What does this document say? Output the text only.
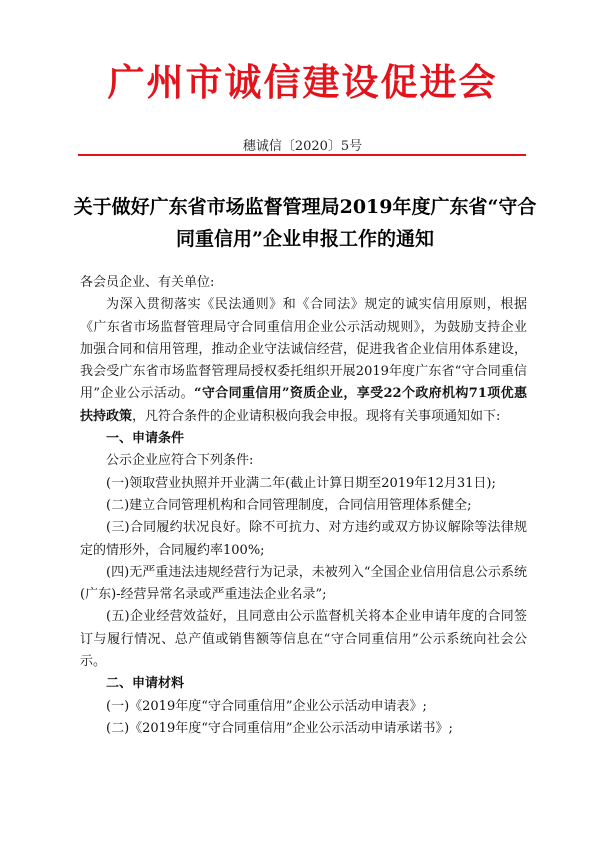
广州市诚信建设促进会
穗诚信〔2020〕5号
关于做好广东省市场监督管理局2019年度广东省“守合同重信用”企业申报工作的通知

各会员企业、有关单位:

为深入贯彻落实《民法通则》和《合同法》规定的诚实信用原则，根据《广东省市场监督管理局守合同重信用企业公示活动规则》，为鼓励支持企业加强合同和信用管理，推动企业守法诚信经营，促进我省企业信用体系建设，我会受广东省市场监督管理局授权委托组织开展2019年度广东省“守合同重信用”企业公示活动。“守合同重信用”资质企业，享受22个政府机构71项优惠扶持政策，凡符合条件的企业请积极向我会申报。现将有关事项通知如下:

一、申请条件

公示企业应符合下列条件:

(一)领取营业执照并开业满二年(截止计算日期至2019年12月31日);

(二)建立合同管理机构和合同管理制度，合同信用管理体系健全;

(三)合同履约状况良好。除不可抗力、对方违约或双方协议解除等法律规定的情形外，合同履约率100%;

(四)无严重违法违规经营行为记录，未被列入“全国企业信用信息公示系统(广东)-经营异常名录或严重违法企业名录”;

(五)企业经营效益好，且同意由公示监督机关将本企业申请年度的合同签订与履行情况、总产值或销售额等信息在“守合同重信用”公示系统向社会公示。

二、申请材料

(一)《2019年度“守合同重信用”企业公示活动申请表》;

(二)《2019年度“守合同重信用”企业公示活动申请承诺书》;
